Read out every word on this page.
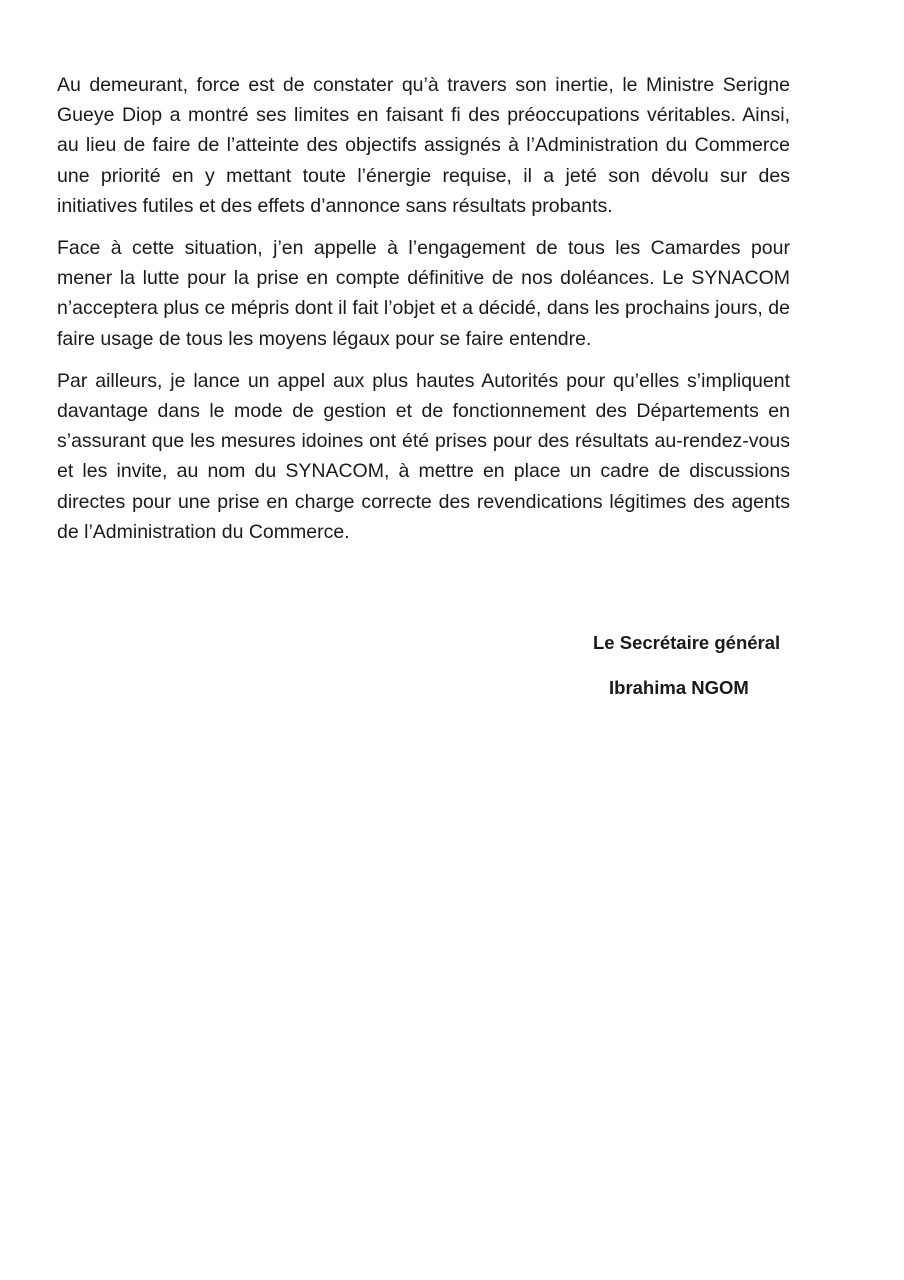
Au demeurant, force est de constater qu’à travers son inertie, le Ministre Serigne Gueye Diop a montré ses limites en faisant fi des préoccupations véritables. Ainsi, au lieu de faire de l’atteinte des objectifs assignés à l’Administration du Commerce une priorité en y mettant toute l’énergie requise, il a jeté son dévolu sur des initiatives futiles et des effets d’annonce sans résultats probants.

Face à cette situation, j’en appelle à l’engagement de tous les Camardes pour mener la lutte pour la prise en compte définitive de nos doléances. Le SYNACOM n’acceptera plus ce mépris dont il fait l’objet et a décidé, dans les prochains jours, de faire usage de tous les moyens légaux pour se faire entendre.

Par ailleurs, je lance un appel aux plus hautes Autorités pour qu’elles s’impliquent davantage dans le mode de gestion et de fonctionnement des Départements en s’assurant que les mesures idoines ont été prises pour des résultats au-rendez-vous et les invite, au nom du SYNACOM, à mettre en place un cadre de discussions directes pour une prise en charge correcte des revendications légitimes des agents de l’Administration du Commerce.

Le Secrétaire général
Ibrahima NGOM
